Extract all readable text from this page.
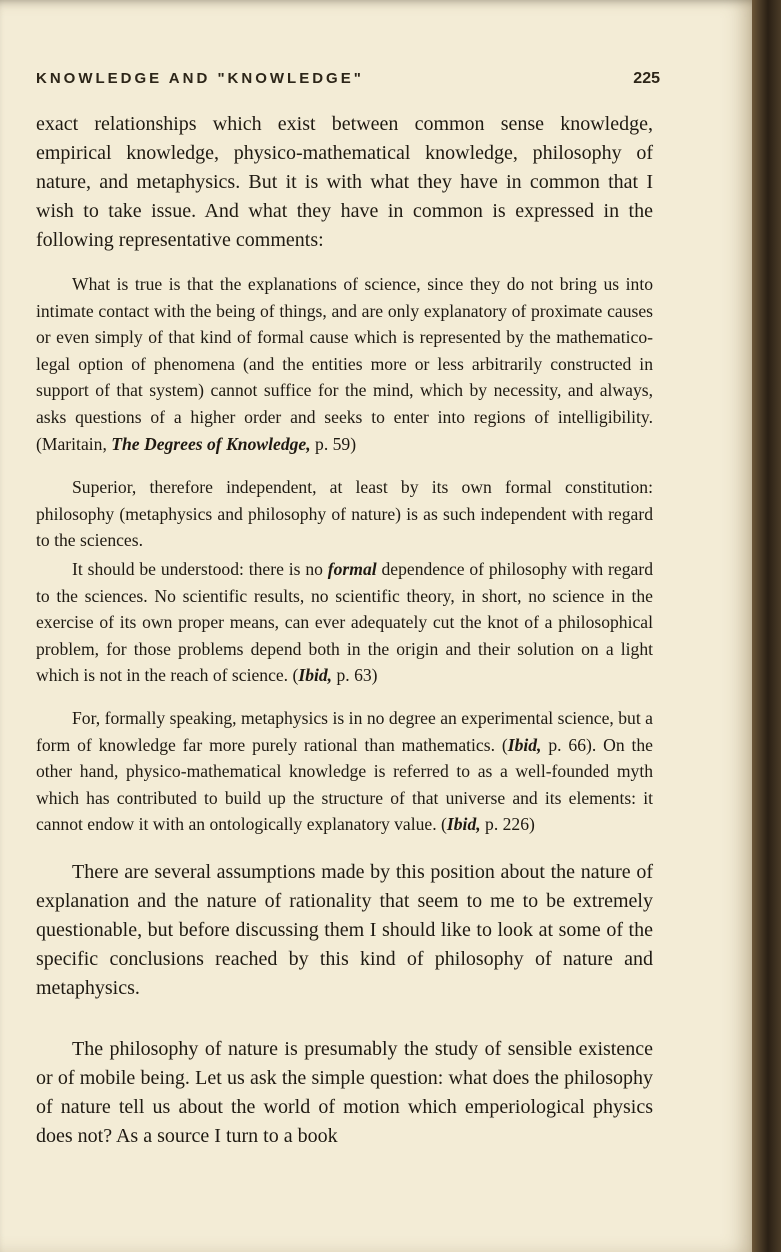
KNOWLEDGE AND "KNOWLEDGE"	225

exact relationships which exist between common sense knowledge, empirical knowledge, physico-mathematical knowledge, philosophy of nature, and metaphysics. But it is with what they have in common that I wish to take issue. And what they have in common is expressed in the following representative comments:

What is true is that the explanations of science, since they do not bring us into intimate contact with the being of things, and are only explanatory of proximate causes or even simply of that kind of formal cause which is represented by the mathematico-legal option of phenomena (and the entities more or less arbitrarily constructed in support of that system) cannot suffice for the mind, which by necessity, and always, asks questions of a higher order and seeks to enter into regions of intelligibility. (Maritain, The Degrees of Knowledge, p. 59)

Superior, therefore independent, at least by its own formal constitution: philosophy (metaphysics and philosophy of nature) is as such independent with regard to the sciences.

It should be understood: there is no formal dependence of philosophy with regard to the sciences. No scientific results, no scientific theory, in short, no science in the exercise of its own proper means, can ever adequately cut the knot of a philosophical problem, for those problems depend both in the origin and their solution on a light which is not in the reach of science. (Ibid, p. 63)

For, formally speaking, metaphysics is in no degree an experimental science, but a form of knowledge far more purely rational than mathematics. (Ibid, p. 66). On the other hand, physico-mathematical knowledge is referred to as a well-founded myth which has contributed to build up the structure of that universe and its elements: it cannot endow it with an ontologically explanatory value. (Ibid, p. 226)

There are several assumptions made by this position about the nature of explanation and the nature of rationality that seem to me to be extremely questionable, but before discussing them I should like to look at some of the specific conclusions reached by this kind of philosophy of nature and metaphysics.

The philosophy of nature is presumably the study of sensible existence or of mobile being. Let us ask the simple question: what does the philosophy of nature tell us about the world of motion which emperiological physics does not? As a source I turn to a book
